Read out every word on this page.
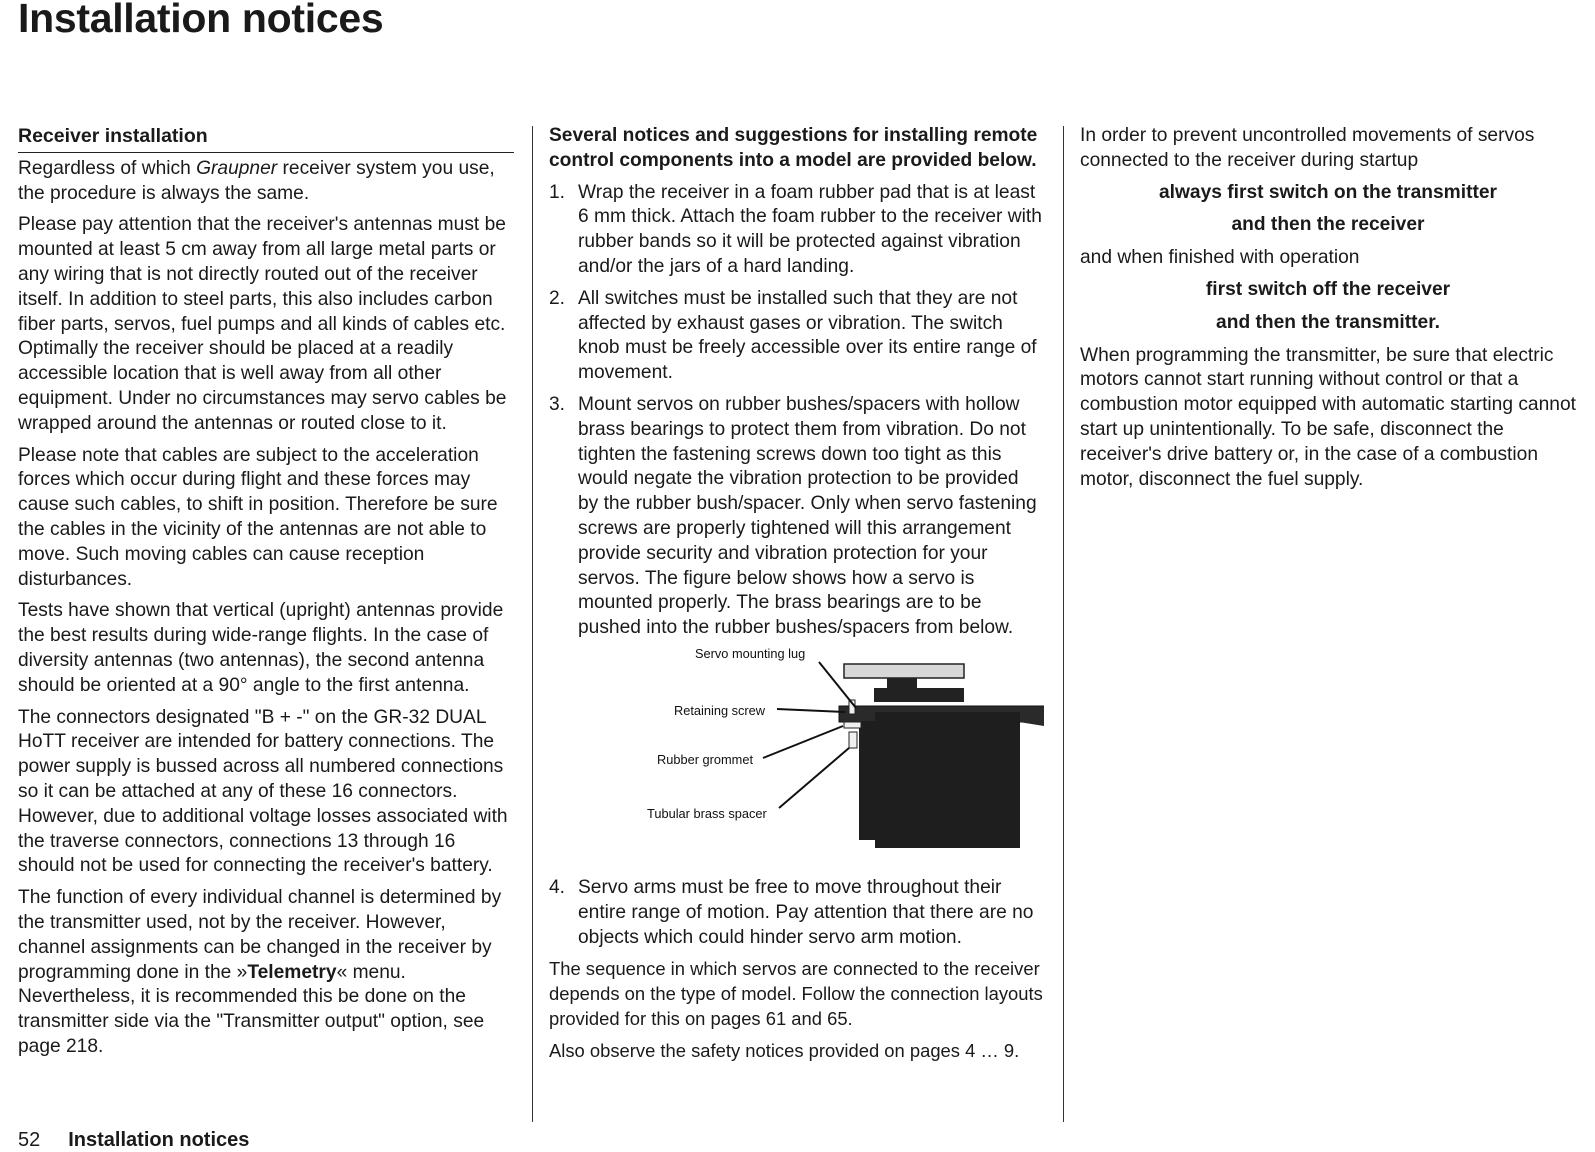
Installation notices
Receiver installation

Regardless of which Graupner receiver system you use, the procedure is always the same.

Please pay attention that the receiver's antennas must be mounted at least 5 cm away from all large metal parts or any wiring that is not directly routed out of the receiver itself. In addition to steel parts, this also includes carbon fiber parts, servos, fuel pumps and all kinds of cables etc. Optimally the receiver should be placed at a readily accessible location that is well away from all other equipment. Under no circumstances may servo cables be wrapped around the antennas or routed close to it.

Please note that cables are subject to the acceleration forces which occur during flight and these forces may cause such cables, to shift in position. Therefore be sure the cables in the vicinity of the antennas are not able to move. Such moving cables can cause reception disturbances.

Tests have shown that vertical (upright) antennas provide the best results during wide-range flights. In the case of diversity antennas (two antennas), the second antenna should be oriented at a 90° angle to the first antenna.

The connectors designated "B + -" on the GR-32 DUAL HoTT receiver are intended for battery connections. The power supply is bussed across all numbered connections so it can be attached at any of these 16 connectors. However, due to additional voltage losses associated with the traverse connectors, connections 13 through 16 should not be used for connecting the receiver's battery.

The function of every individual channel is determined by the transmitter used, not by the receiver. However, channel assignments can be changed in the receiver by programming done in the »Telemetry« menu. Nevertheless, it is recommended this be done on the transmitter side via the "Transmitter output" option, see page 218.

Several notices and suggestions for installing remote control components into a model are provided below.

1. Wrap the receiver in a foam rubber pad that is at least 6 mm thick. Attach the foam rubber to the receiver with rubber bands so it will be protected against vibration and/or the jars of a hard landing.
2. All switches must be installed such that they are not affected by exhaust gases or vibration. The switch knob must be freely accessible over its entire range of movement.
3. Mount servos on rubber bushes/spacers with hollow brass bearings to protect them from vibration. Do not tighten the fastening screws down too tight as this would negate the vibration protection to be provided by the rubber bush/spacer. Only when servo fastening screws are properly tightened will this arrangement provide security and vibration protection for your servos. The figure below shows how a servo is mounted properly. The brass bearings are to be pushed into the rubber bushes/spacers from below.
Servo mounting lug
Retaining screw
Rubber grommet
Tubular brass spacer
4. Servo arms must be free to move throughout their entire range of motion. Pay attention that there are no objects which could hinder servo arm motion.

The sequence in which servos are connected to the receiver depends on the type of model. Follow the connection layouts provided for this on pages 61 and 65.

Also observe the safety notices provided on pages 4 … 9.

In order to prevent uncontrolled movements of servos connected to the receiver during startup

always first switch on the transmitter
and then the receiver

and when finished with operation

first switch off the receiver
and then the transmitter.

When programming the transmitter, be sure that electric motors cannot start running without control or that a combustion motor equipped with automatic starting cannot start up unintentionally. To be safe, disconnect the receiver's drive battery or, in the case of a combustion motor, disconnect the fuel supply.

52 Installation notices
